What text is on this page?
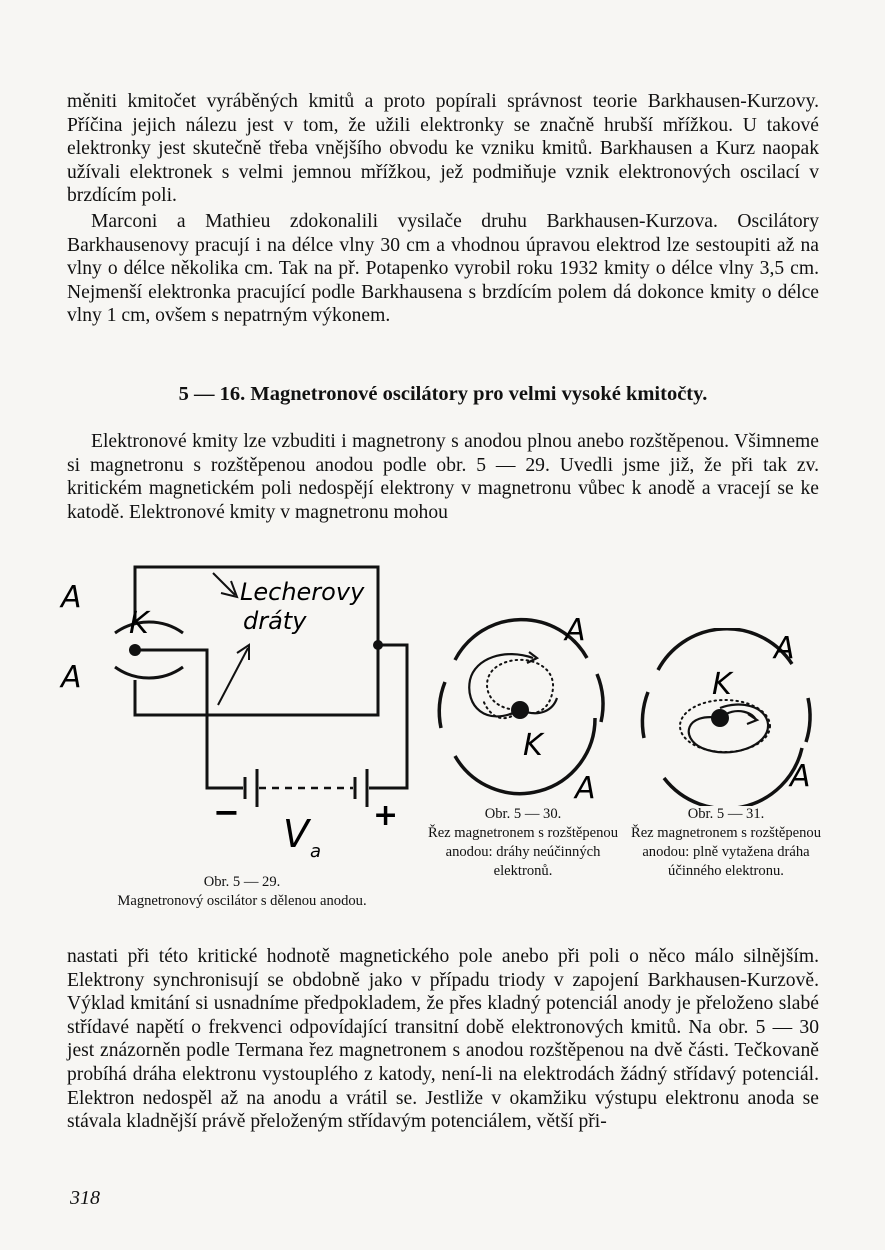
měniti kmitočet vyráběných kmitů a proto popírali správnost teorie Barkhausen-Kurzovy. Příčina jejich nálezu jest v tom, že užili elektronky se značně hrubší mřížkou. U takové elektronky jest skutečně třeba vnějšího obvodu ke vzniku kmitů. Barkhausen a Kurz naopak užívali elektronek s velmi jemnou mřížkou, jež podmiňuje vznik elektronových oscilací v brzdícím poli.

Marconi a Mathieu zdokonalili vysilače druhu Barkhausen-Kurzova. Oscilátory Barkhausenovy pracují i na délce vlny 30 cm a vhodnou úpravou elektrod lze sestoupiti až na vlny o délce několika cm. Tak na př. Potapenko vyrobil roku 1932 kmity o délce vlny 3,5 cm. Nejmenší elektronka pracující podle Barkhausena s brzdícím polem dá dokonce kmity o délce vlny 1 cm, ovšem s nepatrným výkonem.

5 — 16. Magnetronové oscilátory pro velmi vysoké kmitočty.

Elektronové kmity lze vzbuditi i magnetrony s anodou plnou anebo rozštěpenou. Všimneme si magnetronu s rozštěpenou anodou podle obr. 5 — 29. Uvedli jsme již, že při tak zv. kritickém magnetickém poli nedospějí elektrony v magnetronu vůbec k anodě a vracejí se ke katodě. Elektronové kmity v magnetronu mohou

A
A
K
Lecherovy
dráty
−	+
V a
A
A
K
A
A
K
Obr. 5 — 29.
Magnetronový oscilátor s dělenou anodou.
Obr. 5 — 30.
Řez magnetronem s rozštěpenou anodou: dráhy neúčinných elektronů.
Obr. 5 — 31.
Řez magnetronem s rozštěpenou anodou: plně vytažena dráha účinného elektronu.

nastati při této kritické hodnotě magnetického pole anebo při poli o něco málo silnějším. Elektrony synchronisují se obdobně jako v případu triody v zapojení Barkhausen-Kurzově. Výklad kmitání si usnadníme předpokladem, že přes kladný potenciál anody je přeloženo slabé střídavé napětí o frekvenci odpovídající transitní době elektronových kmitů. Na obr. 5 — 30 jest znázorněn podle Termana řez magnetronem s anodou rozštěpenou na dvě části. Tečkovaně probíhá dráha elektronu vystouplého z katody, není-li na elektrodách žádný střídavý potenciál. Elektron nedospěl až na anodu a vrátil se. Jestliže v okamžiku výstupu elektronu anoda se stávala kladnější právě přeloženým střídavým potenciálem, větší při-

318
